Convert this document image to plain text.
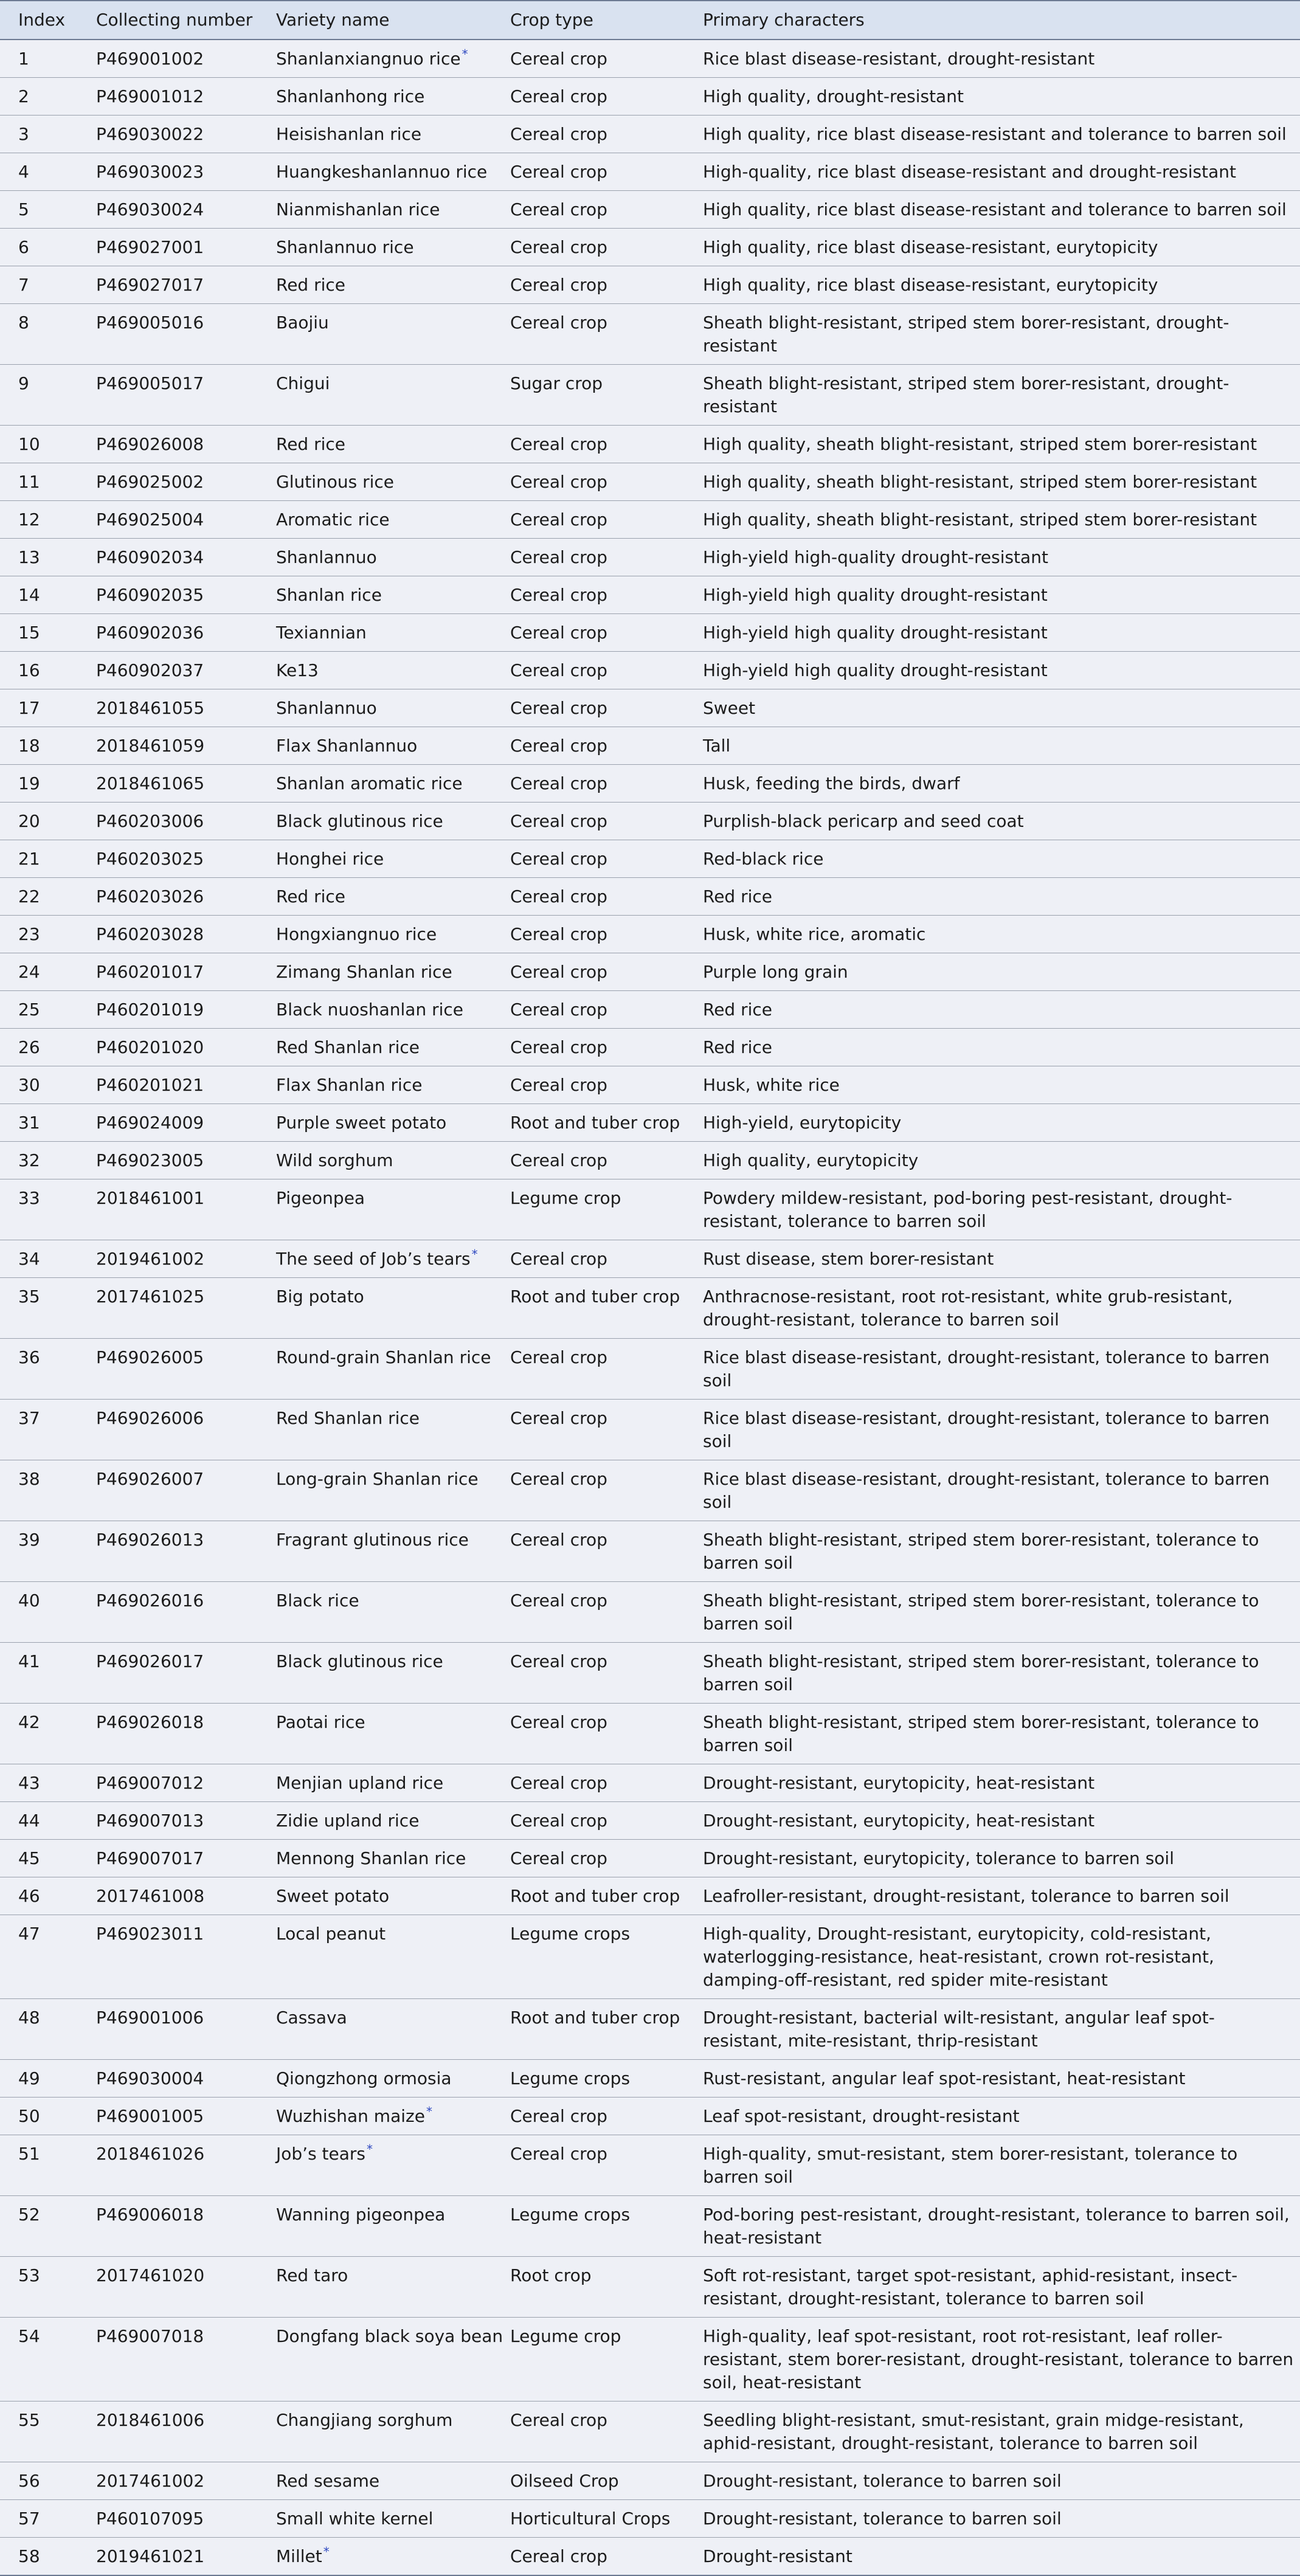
Index	Collecting number	Variety name	Crop type	Primary characters
1	P469001002	Shanlanxiangnuo rice *	Cereal crop	Rice blast disease-resistant, drought-resistant
2	P469001012	Shanlanhong rice	Cereal crop	High quality, drought-resistant
3	P469030022	Heisishanlan rice	Cereal crop	High quality, rice blast disease-resistant and tolerance to barren soil
4	P469030023	Huangkeshanlannuo rice	Cereal crop	High-quality, rice blast disease-resistant and drought-resistant
5	P469030024	Nianmishanlan rice	Cereal crop	High quality, rice blast disease-resistant and tolerance to barren soil
6	P469027001	Shanlannuo rice	Cereal crop	High quality, rice blast disease-resistant, eurytopicity
7	P469027017	Red rice	Cereal crop	High quality, rice blast disease-resistant, eurytopicity
8	P469005016	Baojiu	Cereal crop	Sheath blight-resistant, striped stem borer-resistant, drought-resistant
9	P469005017	Chigui	Sugar crop	Sheath blight-resistant, striped stem borer-resistant, drought-resistant
10	P469026008	Red rice	Cereal crop	High quality, sheath blight-resistant, striped stem borer-resistant
11	P469025002	Glutinous rice	Cereal crop	High quality, sheath blight-resistant, striped stem borer-resistant
12	P469025004	Aromatic rice	Cereal crop	High quality, sheath blight-resistant, striped stem borer-resistant
13	P460902034	Shanlannuo	Cereal crop	High-yield high-quality drought-resistant
14	P460902035	Shanlan rice	Cereal crop	High-yield high quality drought-resistant
15	P460902036	Texiannian	Cereal crop	High-yield high quality drought-resistant
16	P460902037	Ke13	Cereal crop	High-yield high quality drought-resistant
17	2018461055	Shanlannuo	Cereal crop	Sweet
18	2018461059	Flax Shanlannuo	Cereal crop	Tall
19	2018461065	Shanlan aromatic rice	Cereal crop	Husk, feeding the birds, dwarf
20	P460203006	Black glutinous rice	Cereal crop	Purplish-black pericarp and seed coat
21	P460203025	Honghei rice	Cereal crop	Red-black rice
22	P460203026	Red rice	Cereal crop	Red rice
23	P460203028	Hongxiangnuo rice	Cereal crop	Husk, white rice, aromatic
24	P460201017	Zimang Shanlan rice	Cereal crop	Purple long grain
25	P460201019	Black nuoshanlan rice	Cereal crop	Red rice
26	P460201020	Red Shanlan rice	Cereal crop	Red rice
30	P460201021	Flax Shanlan rice	Cereal crop	Husk, white rice
31	P469024009	Purple sweet potato	Root and tuber crop	High-yield, eurytopicity
32	P469023005	Wild sorghum	Cereal crop	High quality, eurytopicity
33	2018461001	Pigeonpea	Legume crop	Powdery mildew-resistant, pod-boring pest-resistant, drought-resistant, tolerance to barren soil
34	2019461002	The seed of Job’s tears *	Cereal crop	Rust disease, stem borer-resistant
35	2017461025	Big potato	Root and tuber crop	Anthracnose-resistant, root rot-resistant, white grub-resistant, drought-resistant, tolerance to barren soil
36	P469026005	Round-grain Shanlan rice	Cereal crop	Rice blast disease-resistant, drought-resistant, tolerance to barren soil
37	P469026006	Red Shanlan rice	Cereal crop	Rice blast disease-resistant, drought-resistant, tolerance to barren soil
38	P469026007	Long-grain Shanlan rice	Cereal crop	Rice blast disease-resistant, drought-resistant, tolerance to barren soil
39	P469026013	Fragrant glutinous rice	Cereal crop	Sheath blight-resistant, striped stem borer-resistant, tolerance to barren soil
40	P469026016	Black rice	Cereal crop	Sheath blight-resistant, striped stem borer-resistant, tolerance to barren soil
41	P469026017	Black glutinous rice	Cereal crop	Sheath blight-resistant, striped stem borer-resistant, tolerance to barren soil
42	P469026018	Paotai rice	Cereal crop	Sheath blight-resistant, striped stem borer-resistant, tolerance to barren soil
43	P469007012	Menjian upland rice	Cereal crop	Drought-resistant, eurytopicity, heat-resistant
44	P469007013	Zidie upland rice	Cereal crop	Drought-resistant, eurytopicity, heat-resistant
45	P469007017	Mennong Shanlan rice	Cereal crop	Drought-resistant, eurytopicity, tolerance to barren soil
46	2017461008	Sweet potato	Root and tuber crop	Leafroller-resistant, drought-resistant, tolerance to barren soil
47	P469023011	Local peanut	Legume crops	High-quality, Drought-resistant, eurytopicity, cold-resistant, waterlogging-resistance, heat-resistant, crown rot-resistant, damping-off-resistant, red spider mite-resistant
48	P469001006	Cassava	Root and tuber crop	Drought-resistant, bacterial wilt-resistant, angular leaf spot-resistant, mite-resistant, thrip-resistant
49	P469030004	Qiongzhong ormosia	Legume crops	Rust-resistant, angular leaf spot-resistant, heat-resistant
50	P469001005	Wuzhishan maize *	Cereal crop	Leaf spot-resistant, drought-resistant
51	2018461026	Job’s tears *	Cereal crop	High-quality, smut-resistant, stem borer-resistant, tolerance to barren soil
52	P469006018	Wanning pigeonpea	Legume crops	Pod-boring pest-resistant, drought-resistant, tolerance to barren soil, heat-resistant
53	2017461020	Red taro	Root crop	Soft rot-resistant, target spot-resistant, aphid-resistant, insect-resistant, drought-resistant, tolerance to barren soil
54	P469007018	Dongfang black soya bean	Legume crop	High-quality, leaf spot-resistant, root rot-resistant, leaf roller-resistant, stem borer-resistant, drought-resistant, tolerance to barren soil, heat-resistant
55	2018461006	Changjiang sorghum	Cereal crop	Seedling blight-resistant, smut-resistant, grain midge-resistant, aphid-resistant, drought-resistant, tolerance to barren soil
56	2017461002	Red sesame	Oilseed Crop	Drought-resistant, tolerance to barren soil
57	P460107095	Small white kernel	Horticultural Crops	Drought-resistant, tolerance to barren soil
58	2019461021	Millet *	Cereal crop	Drought-resistant
